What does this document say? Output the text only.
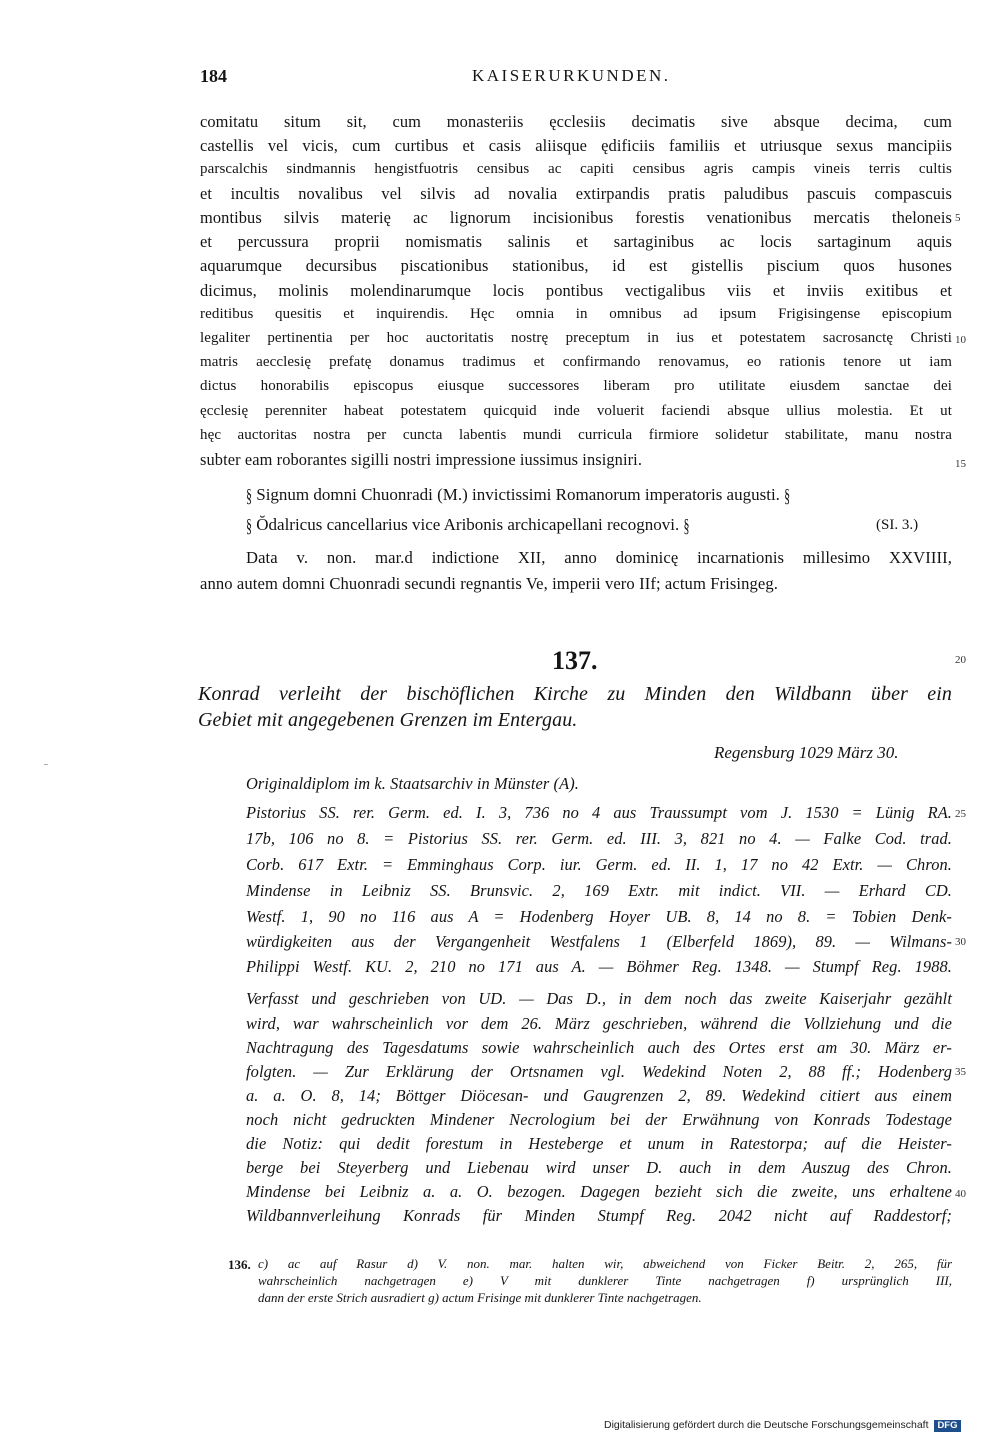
184	KAISERURKUNDEN.
comitatu situm sit, cum monasteriis ęcclesiis decimatis sive absque decima, cum
castellis vel vicis, cum curtibus et casis aliisque ędificiis familiis et utriusque sexus mancipiis
parscalchis sindmannis hengistfuotris censibus ac capiti censibus agris campis vineis terris cultis
et incultis novalibus vel silvis ad novalia extirpandis pratis paludibus pascuis compascuis
montibus silvis materię ac lignorum incisionibus forestis venationibus mercatis theloneis
et percussura proprii nomismatis salinis et sartaginibus ac locis sartaginum aquis
aquarumque decursibus piscationibus stationibus, id est gistellis piscium quos husones
dicimus, molinis molendinarumque locis pontibus vectigalibus viis et inviis exitibus et
reditibus quesitis et inquirendis. Hęc omnia in omnibus ad ipsum Frigisingense episcopium
legaliter pertinentia per hoc auctoritatis nostrę preceptum in ius et potestatem sacrosanctę Christi
matris aecclesię prefatę donamus tradimus et confirmando renovamus, eo rationis tenore ut iam
dictus honorabilis episcopus eiusque successores liberam pro utilitate eiusdem sanctae dei
ęcclesię perenniter habeat potestatem quicquid inde voluerit faciendi absque ullius molestia. Et ut
hęc auctoritas nostra per cuncta labentis mundi curricula firmiore solidetur stabilitate, manu nostra
subter eam roborantes sigilli nostri impressione iussimus insigniri.
§ Signum domni Chuonradi (M.) invictissimi Romanorum imperatoris augusti. §
§ Ŏdalricus cancellarius vice Aribonis archicapellani recognovi. §	(SI. 3.)
Data v. non. mar.d indictione XII, anno dominicę incarnationis millesimo XXVIIII,
anno autem domni Chuonradi secundi regnantis Ve, imperii vero IIf; actum Frisingeg.
137.
Konrad verleiht der bischöflichen Kirche zu Minden den Wildbann über ein
Gebiet mit angegebenen Grenzen im Entergau.
Regensburg 1029 März 30.
Originaldiplom im k. Staatsarchiv in Münster (A).
Pistorius SS. rer. Germ. ed. I. 3, 736 no 4 aus Traussumpt vom J. 1530 = Lünig RA.
17b, 106 no 8. = Pistorius SS. rer. Germ. ed. III. 3, 821 no 4. — Falke Cod. trad.
Corb. 617 Extr. = Emminghaus Corp. iur. Germ. ed. II. 1, 17 no 42 Extr. — Chron.
Mindense in Leibniz SS. Brunsvic. 2, 169 Extr. mit indict. VII. — Erhard CD.
Westf. 1, 90 no 116 aus A = Hodenberg Hoyer UB. 8, 14 no 8. = Tobien Denk-
würdigkeiten aus der Vergangenheit Westfalens 1 (Elberfeld 1869), 89. — Wilmans-
Philippi Westf. KU. 2, 210 no 171 aus A. — Böhmer Reg. 1348. — Stumpf Reg. 1988.
Verfasst und geschrieben von UD. — Das D., in dem noch das zweite Kaiserjahr gezählt
wird, war wahrscheinlich vor dem 26. März geschrieben, während die Vollziehung und die
Nachtragung des Tagesdatums sowie wahrscheinlich auch des Ortes erst am 30. März er-
folgten. — Zur Erklärung der Ortsnamen vgl. Wedekind Noten 2, 88 ff.; Hodenberg
a. a. O. 8, 14; Böttger Diöcesan- und Gaugrenzen 2, 89. Wedekind citiert aus einem
noch nicht gedruckten Mindener Necrologium bei der Erwähnung von Konrads Todestage
die Notiz: qui dedit forestum in Hesteberge et unum in Ratestorpa; auf die Heister-
berge bei Steyerberg und Liebenau wird unser D. auch in dem Auszug des Chron.
Mindense bei Leibniz a. a. O. bezogen. Dagegen bezieht sich die zweite, uns erhaltene
Wildbannverleihung Konrads für Minden Stumpf Reg. 2042 nicht auf Raddestorf;
136. c) ac auf Rasur d) V. non. mar. halten wir, abweichend von Ficker Beitr. 2, 265, für
wahrscheinlich nachgetragen e) V mit dunklerer Tinte nachgetragen f) ursprünglich III,
dann der erste Strich ausradiert g) actum Frisinge mit dunklerer Tinte nachgetragen.
5
10
15
20
25
30
35
40
Digitalisierung gefördert durch die Deutsche Forschungsgemeinschaft DFG
